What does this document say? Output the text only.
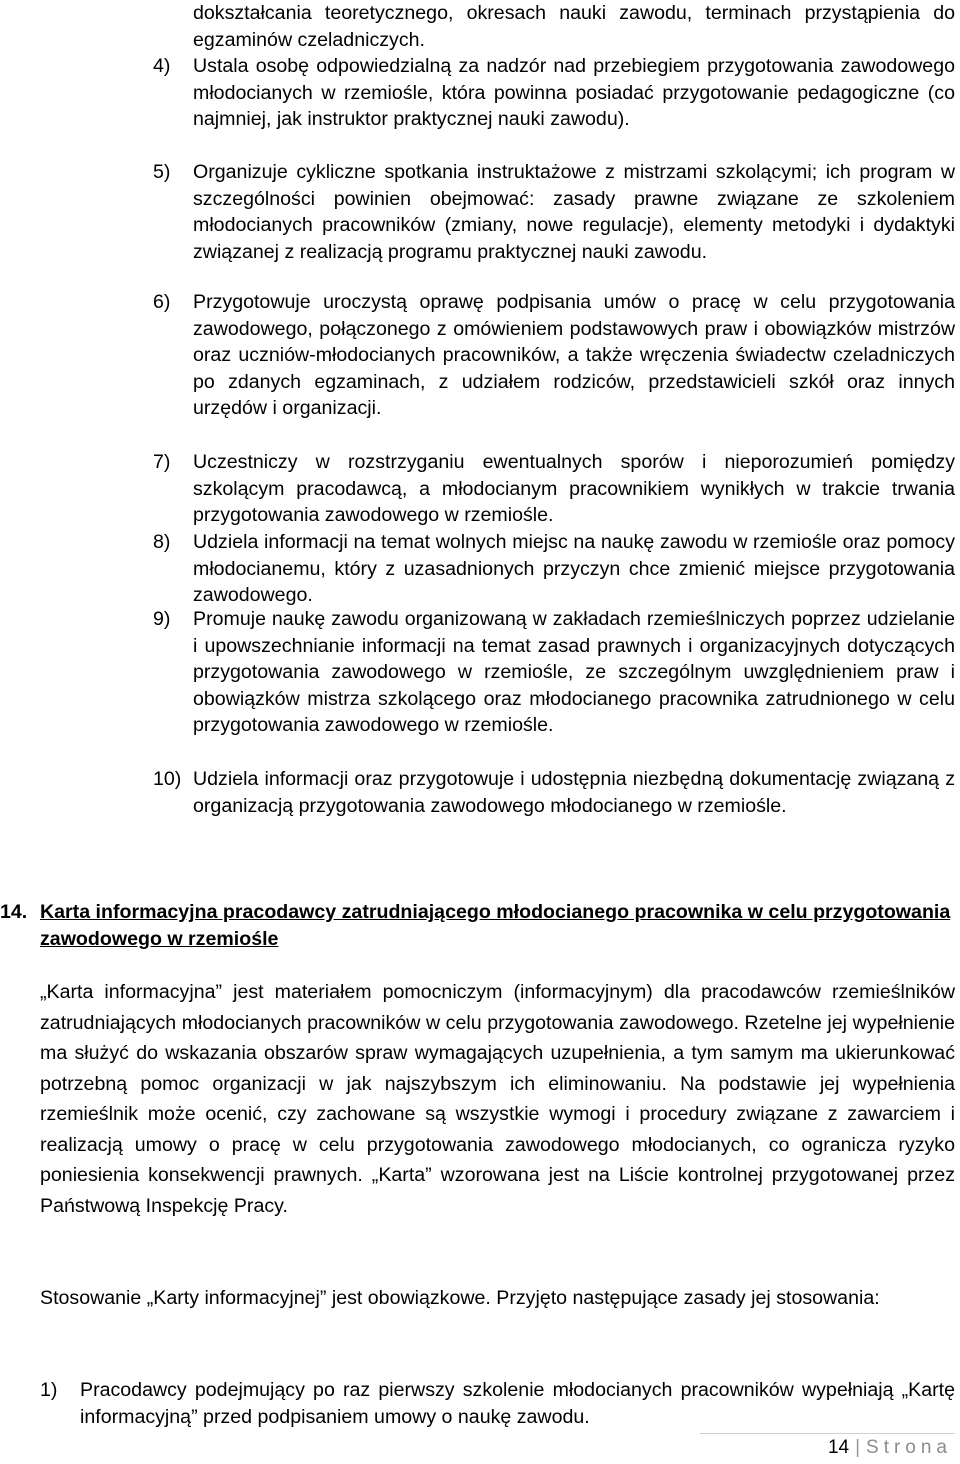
dokształcania teoretycznego, okresach nauki zawodu, terminach przystąpienia do egzaminów czeladniczych.
4) Ustala osobę odpowiedzialną za nadzór nad przebiegiem przygotowania zawodowego młodocianych w rzemiośle, która powinna posiadać przygotowanie pedagogiczne (co najmniej, jak instruktor praktycznej nauki zawodu).
5) Organizuje cykliczne spotkania instruktażowe z mistrzami szkolącymi; ich program w szczególności powinien obejmować: zasady prawne związane ze szkoleniem młodocianych pracowników (zmiany, nowe regulacje), elementy metodyki i dydaktyki związanej z realizacją programu praktycznej nauki zawodu.
6) Przygotowuje uroczystą oprawę podpisania umów o pracę w celu przygotowania zawodowego, połączonego z omówieniem podstawowych praw i obowiązków mistrzów oraz uczniów-młodocianych pracowników, a także wręczenia świadectw czeladniczych po zdanych egzaminach, z udziałem rodziców, przedstawicieli szkół oraz innych urzędów i organizacji.
7) Uczestniczy w rozstrzyganiu ewentualnych sporów i nieporozumień pomiędzy szkolącym pracodawcą, a młodocianym pracownikiem wynikłych w trakcie trwania przygotowania zawodowego w rzemiośle.
8) Udziela informacji na temat wolnych miejsc na naukę zawodu w rzemiośle oraz pomocy młodocianemu, który z uzasadnionych przyczyn chce zmienić miejsce przygotowania zawodowego.
9) Promuje naukę zawodu organizowaną w zakładach rzemieślniczych poprzez udzielanie i upowszechnianie informacji na temat zasad prawnych i organizacyjnych dotyczących przygotowania zawodowego w rzemiośle, ze szczególnym uwzględnieniem praw i obowiązków mistrza szkolącego oraz młodocianego pracownika zatrudnionego w celu przygotowania zawodowego w rzemiośle.
10) Udziela informacji oraz przygotowuje i udostępnia niezbędną dokumentację związaną z organizacją przygotowania zawodowego młodocianego w rzemiośle.
14. Karta informacyjna pracodawcy zatrudniającego młodocianego pracownika w celu przygotowania zawodowego w rzemiośle
„Karta informacyjna” jest materiałem pomocniczym (informacyjnym) dla pracodawców rzemieślników zatrudniających młodocianych pracowników w celu przygotowania zawodowego. Rzetelne jej wypełnienie ma służyć do wskazania obszarów spraw wymagających uzupełnienia, a tym samym ma ukierunkować potrzebną pomoc organizacji w jak najszybszym ich eliminowaniu. Na podstawie jej wypełnienia rzemieślnik może ocenić, czy zachowane są wszystkie wymogi i procedury związane z zawarciem i realizacją umowy o pracę w celu przygotowania zawodowego młodocianych, co ogranicza ryzyko poniesienia konsekwencji prawnych. „Karta” wzorowana jest na Liście kontrolnej przygotowanej przez Państwową Inspekcję Pracy.
Stosowanie „Karty informacyjnej” jest obowiązkowe. Przyjęto następujące zasady jej stosowania:
1) Pracodawcy podejmujący po raz pierwszy szkolenie młodocianych pracowników wypełniają „Kartę informacyjną” przed podpisaniem umowy o naukę zawodu.
14 | Strona
